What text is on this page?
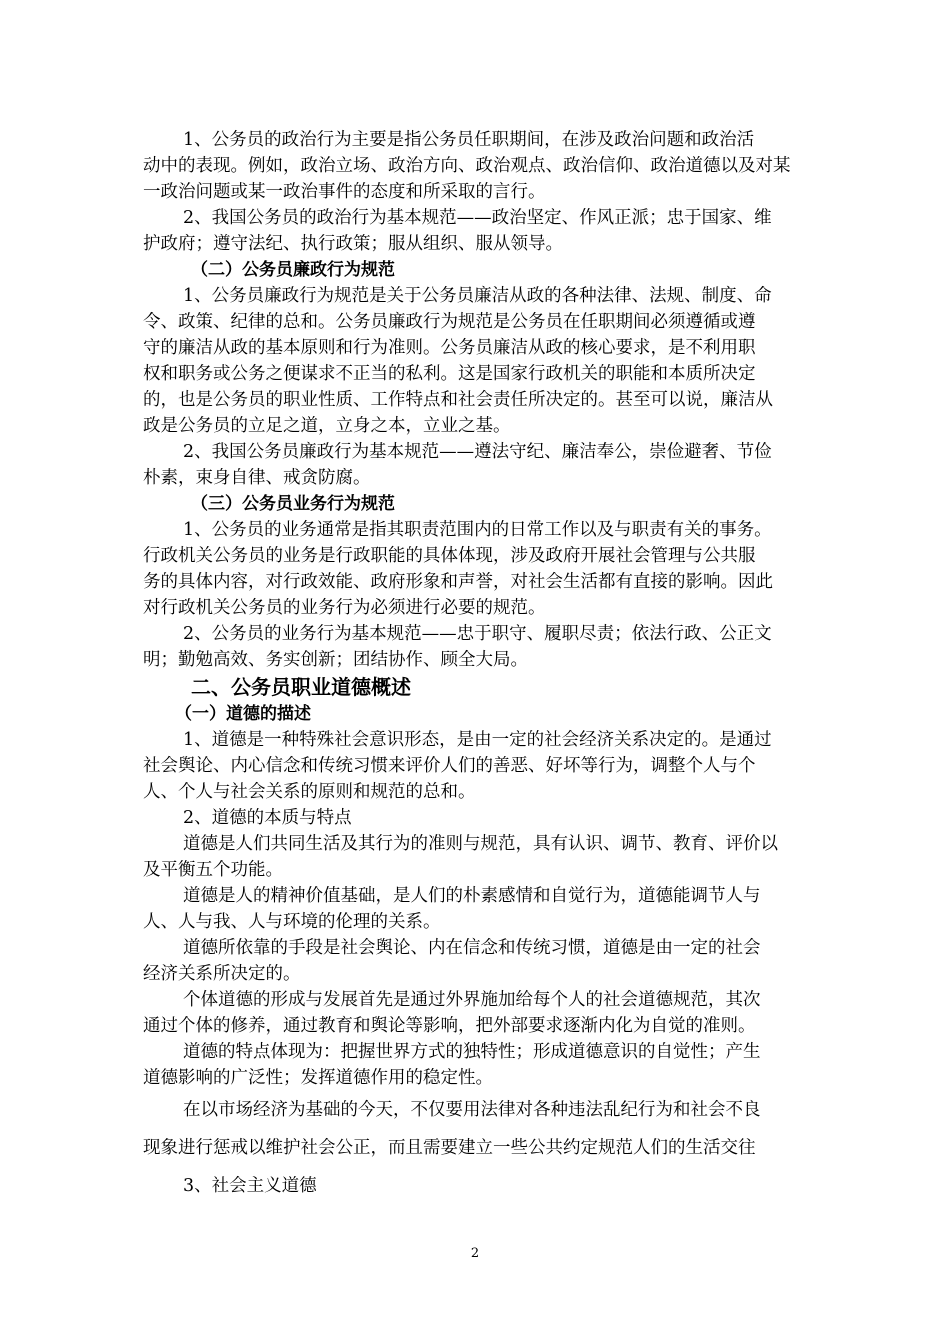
1、公务员的政治行为主要是指公务员任职期间，在涉及政治问题和政治活
动中的表现。例如，政治立场、政治方向、政治观点、政治信仰、政治道德以及对某
一政治问题或某一政治事件的态度和所采取的言行。
2、我国公务员的政治行为基本规范——政治坚定、作风正派；忠于国家、维
护政府；遵守法纪、执行政策；服从组织、服从领导。
（二）公务员廉政行为规范
1、公务员廉政行为规范是关于公务员廉洁从政的各种法律、法规、制度、命
令、政策、纪律的总和。公务员廉政行为规范是公务员在任职期间必须遵循或遵
守的廉洁从政的基本原则和行为准则。公务员廉洁从政的核心要求，是不利用职
权和职务或公务之便谋求不正当的私利。这是国家行政机关的职能和本质所决定
的，也是公务员的职业性质、工作特点和社会责任所决定的。甚至可以说，廉洁从
政是公务员的立足之道，立身之本，立业之基。
2、我国公务员廉政行为基本规范——遵法守纪、廉洁奉公，崇俭避奢、节俭
朴素，束身自律、戒贪防腐。
（三）公务员业务行为规范
1、公务员的业务通常是指其职责范围内的日常工作以及与职责有关的事务。
行政机关公务员的业务是行政职能的具体体现，涉及政府开展社会管理与公共服
务的具体内容，对行政效能、政府形象和声誉，对社会生活都有直接的影响。因此
对行政机关公务员的业务行为必须进行必要的规范。
2、公务员的业务行为基本规范——忠于职守、履职尽责；依法行政、公正文
明；勤勉高效、务实创新；团结协作、顾全大局。
二、公务员职业道德概述
（一）道德的描述
1、道德是一种特殊社会意识形态，是由一定的社会经济关系决定的。是通过
社会舆论、内心信念和传统习惯来评价人们的善恶、好坏等行为，调整个人与个
人、个人与社会关系的原则和规范的总和。
2、道德的本质与特点
道德是人们共同生活及其行为的准则与规范，具有认识、调节、教育、评价以
及平衡五个功能。
道德是人的精神价值基础，是人们的朴素感情和自觉行为，道德能调节人与
人、人与我、人与环境的伦理的关系。
道德所依靠的手段是社会舆论、内在信念和传统习惯，道德是由一定的社会
经济关系所决定的。
个体道德的形成与发展首先是通过外界施加给每个人的社会道德规范，其次
通过个体的修养，通过教育和舆论等影响，把外部要求逐渐内化为自觉的准则。
道德的特点体现为：把握世界方式的独特性；形成道德意识的自觉性；产生
道德影响的广泛性；发挥道德作用的稳定性。
在以市场经济为基础的今天，不仅要用法律对各种违法乱纪行为和社会不良
现象进行惩戒以维护社会公正，而且需要建立一些公共约定规范人们的生活交往
3、社会主义道德
2
